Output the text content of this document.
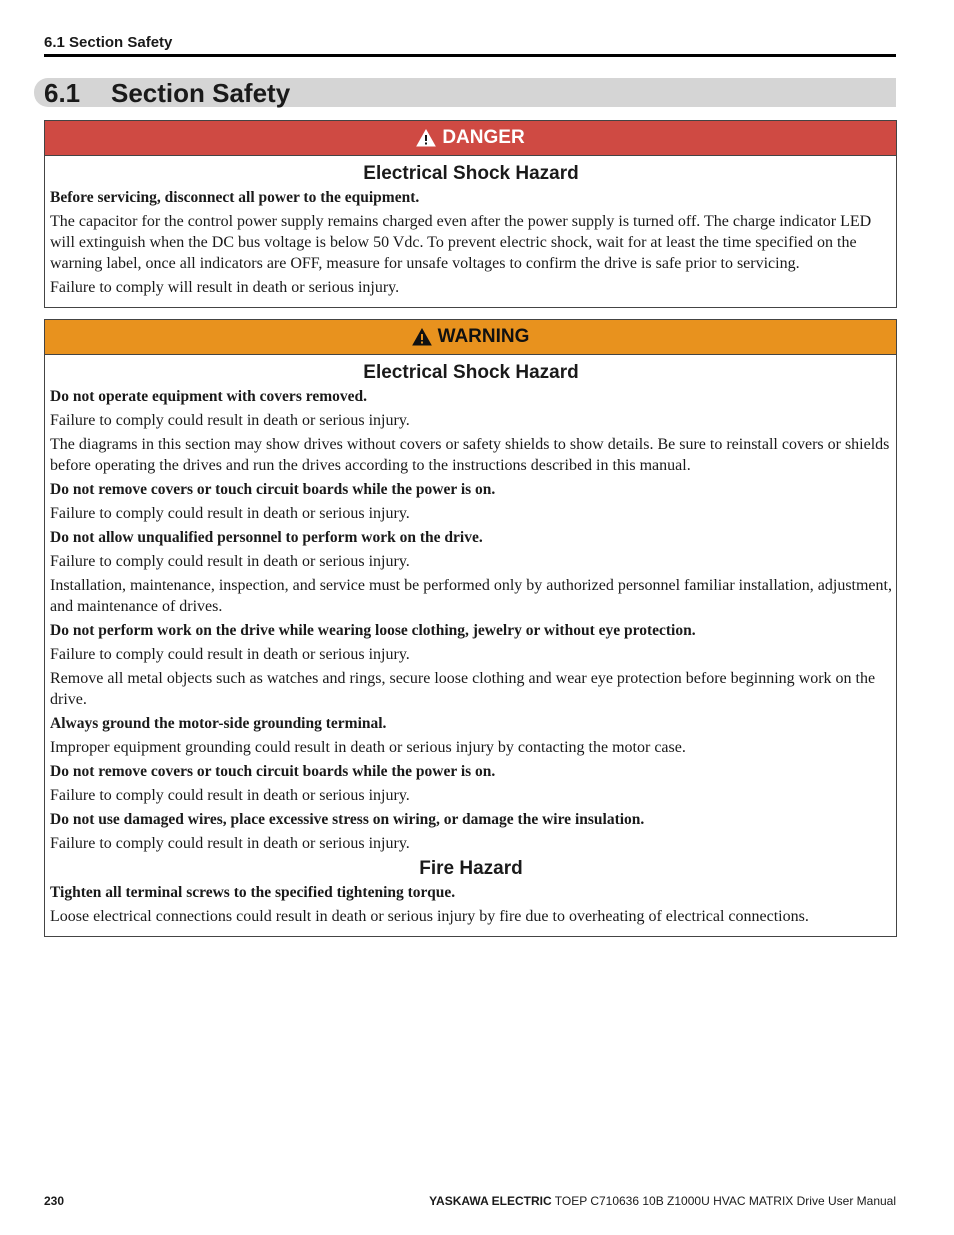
6.1 Section Safety
6.1	Section Safety
DANGER
Electrical Shock Hazard
Before servicing, disconnect all power to the equipment.
The capacitor for the control power supply remains charged even after the power supply is turned off. The charge indicator LED will extinguish when the DC bus voltage is below 50 Vdc. To prevent electric shock, wait for at least the time specified on the warning label, once all indicators are OFF, measure for unsafe voltages to confirm the drive is safe prior to servicing.
Failure to comply will result in death or serious injury.
WARNING
Electrical Shock Hazard
Do not operate equipment with covers removed.
Failure to comply could result in death or serious injury.
The diagrams in this section may show drives without covers or safety shields to show details. Be sure to reinstall covers or shields before operating the drives and run the drives according to the instructions described in this manual.
Do not remove covers or touch circuit boards while the power is on.
Failure to comply could result in death or serious injury.
Do not allow unqualified personnel to perform work on the drive.
Failure to comply could result in death or serious injury.
Installation, maintenance, inspection, and service must be performed only by authorized personnel familiar installation, adjustment, and maintenance of drives.
Do not perform work on the drive while wearing loose clothing, jewelry or without eye protection.
Failure to comply could result in death or serious injury.
Remove all metal objects such as watches and rings, secure loose clothing and wear eye protection before beginning work on the drive.
Always ground the motor-side grounding terminal.
Improper equipment grounding could result in death or serious injury by contacting the motor case.
Do not remove covers or touch circuit boards while the power is on.
Failure to comply could result in death or serious injury.
Do not use damaged wires, place excessive stress on wiring, or damage the wire insulation.
Failure to comply could result in death or serious injury.
Fire Hazard
Tighten all terminal screws to the specified tightening torque.
Loose electrical connections could result in death or serious injury by fire due to overheating of electrical connections.
230	YASKAWA ELECTRIC TOEP C710636 10B Z1000U HVAC MATRIX Drive User Manual
